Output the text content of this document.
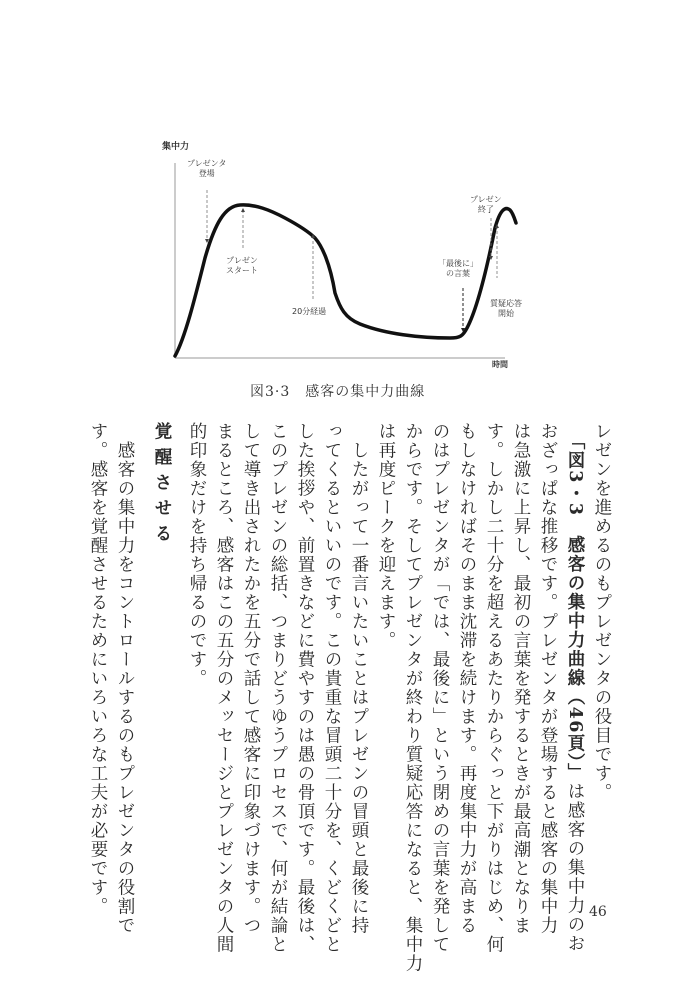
集中力
プレゼンタ
登場
プレゼン
スタート
20分経過
「最後に」
の言葉
プレゼン
終了
質疑応答
開始
時間
図3·3　感客の集中力曲線
レゼンを進めるのもプレゼンタの役目です。
　「図3・3　感客の集中力曲線（46頁）」は感客の集中力のお
おざっぱな推移です。プレゼンタが登場すると感客の集中力
は急激に上昇し、最初の言葉を発するときが最高潮となりま
す。しかし二十分を超えるあたりからぐっと下がりはじめ、何
もしなければそのまま沈滞を続けます。再度集中力が高まる
のはプレゼンタが「では、最後に」という閉めの言葉を発して
からです。そしてプレゼンタが終わり質疑応答になると、集中力
は再度ピークを迎えます。
　したがって一番言いたいことはプレゼンの冒頭と最後に持
ってくるといいのです。この貴重な冒頭二十分を、くどくどと
した挨拶や、前置きなどに費やすのは愚の骨頂です。最後は、
このプレゼンの総括、つまりどうゆうプロセスで、何が結論と
して導き出されたかを五分で話して感客に印象づけます。つ
まるところ、感客はこの五分のメッセージとプレゼンタの人間
的印象だけを持ち帰るのです。
覚醒させる
　感客の集中力をコントロールするのもプレゼンタの役割で
す。感客を覚醒させるためにいろいろな工夫が必要です。	46
